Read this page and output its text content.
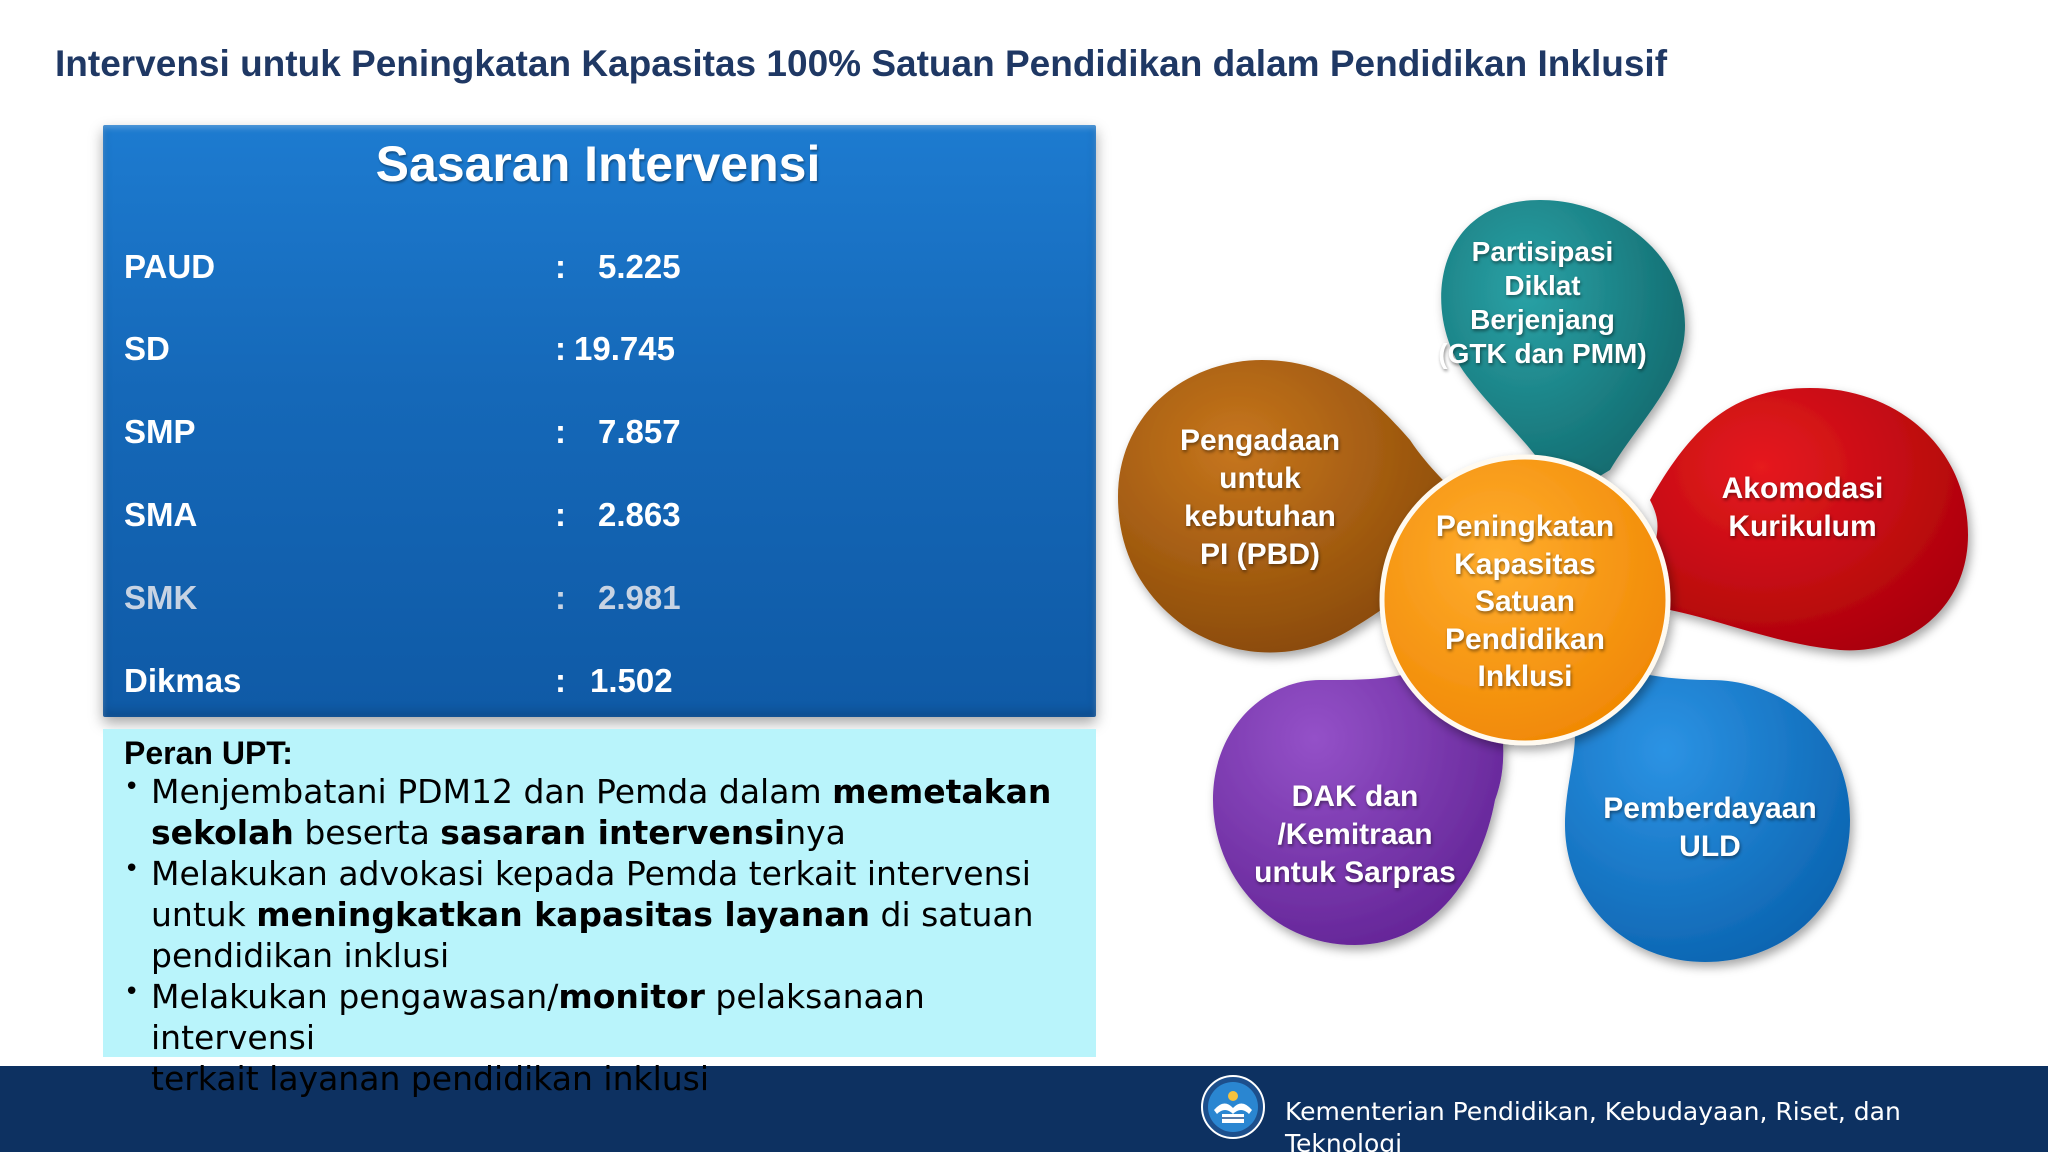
Intervensi untuk Peningkatan Kapasitas 100% Satuan Pendidikan dalam Pendidikan Inklusif
Sasaran Intervensi
PAUD	: 5.225
SD	: 19.745
SMP	: 7.857
SMA	: 2.863
SMK	: 2.981
Dikmas	: 1.502
Peran UPT:

• Menjembatani PDM12 dan Pemda dalam memetakan sekolah beserta sasaran intervensinya

• Melakukan advokasi kepada Pemda terkait intervensi untuk meningkatkan kapasitas layanan di satuan pendidikan inklusi

• Melakukan pengawasan/monitor pelaksanaan intervensi

Kementerian Pendidikan, Kebudayaan, Riset, dan Teknologi
terkait layanan pendidikan inklusi
Partisipasi
Diklat
Berjenjang
(GTK dan PMM)
Pengadaan
untuk
kebutuhan
PI (PBD)
Akomodasi
Kurikulum
Pemberdayaan
ULD
DAK dan
/Kemitraan
untuk Sarpras
Peningkatan
Kapasitas
Satuan
Pendidikan
Inklusi
